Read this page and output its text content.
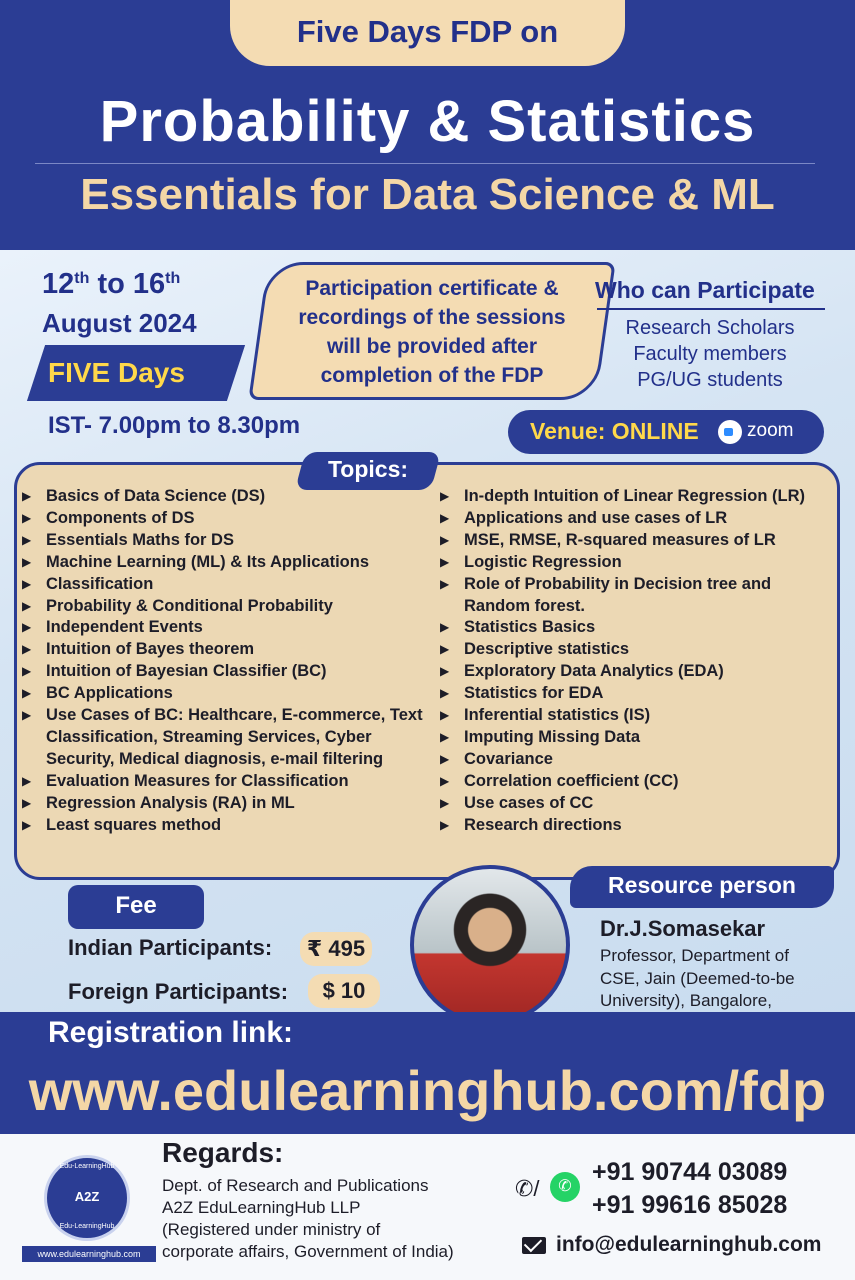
Five Days FDP on
Probability & Statistics
Essentials for Data Science & ML
12th to 16th
August 2024
FIVE Days
IST- 7.00pm to 8.30pm
Participation certificate &
recordings of the sessions
will be provided after
completion of the FDP
Who can Participate
Research Scholars
Faculty members
PG/UG students
Venue: ONLINE	zoom
Topics:
▶ Basics of Data Science (DS)
▶ Components of DS
▶ Essentials Maths for DS
▶ Machine Learning (ML) & Its Applications
▶ Classification
▶ Probability & Conditional Probability
▶ Independent Events
▶ Intuition of Bayes theorem
▶ Intuition of Bayesian Classifier (BC)
▶ BC Applications
▶ Use Cases of BC: Healthcare, E-commerce, Text Classification, Streaming Services, Cyber Security, Medical diagnosis, e-mail filtering
▶ Evaluation Measures for Classification
▶ Regression Analysis (RA) in ML
▶ Least squares method
▶ In-depth Intuition of Linear Regression (LR)
▶ Applications and use cases of LR
▶ MSE, RMSE, R-squared measures of LR
▶ Logistic Regression
▶ Role of Probability in Decision tree and Random forest.
▶ Statistics Basics
▶ Descriptive statistics
▶ Exploratory Data Analytics (EDA)
▶ Statistics for EDA
▶ Inferential statistics (IS)
▶ Imputing Missing Data
▶ Covariance
▶ Correlation coefficient (CC)
▶ Use cases of CC
▶ Research directions
Fee
Indian Participants:	₹ 495
Foreign Participants:	$ 10
Resource person
Dr.J.Somasekar
Professor, Department of
CSE, Jain (Deemed-to-be
University), Bangalore,
Registration link:
www.edulearninghub.com/fdp
Edu-LearningHub
A2Z
Edu-LearningHub
www.edulearninghub.com
Regards:
Dept. of Research and Publications
A2Z EduLearningHub LLP
(Registered under ministry of
corporate affairs, Government of India)
✆/	✆
+91 90744 03089
+91 99616 85028
info@edulearninghub.com
